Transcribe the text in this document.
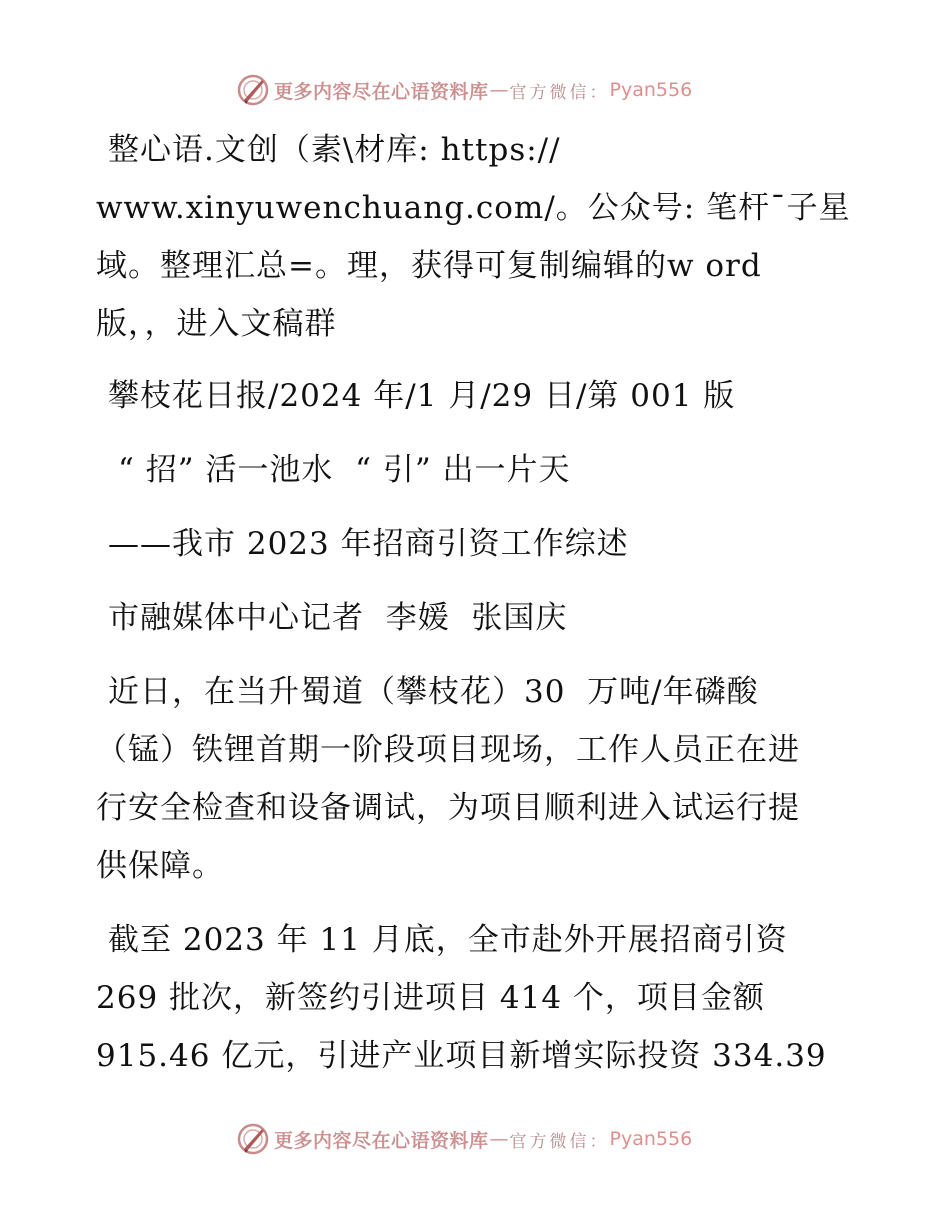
更多内容尽在心语资料库 — 官方微信： Pyan556

整心语.文创（素\材库: https://

www.xinyuwenchuang.com/。公众号: 笔杆¯子星

域。整理汇总=。理，获得可复制编辑的w ord

版，，进入文稿群

攀枝花日报/2024 年/1 月/29 日/第 001 版

“ 招” 活一池水  “ 引” 出一片天

——我市 2023 年招商引资工作综述

市融媒体中心记者  李媛  张国庆

近日，在当升蜀道（攀枝花）30  万吨/年磷酸

（锰）铁锂首期一阶段项目现场，工作人员正在进

行安全检查和设备调试，为项目顺利进入试运行提

供保障。

截至 2023 年 11 月底，全市赴外开展招商引资

269 批次，新签约引进项目 414 个，项目金额

915.46 亿元，引进产业项目新增实际投资 334.39

更多内容尽在心语资料库 — 官方微信： Pyan556
